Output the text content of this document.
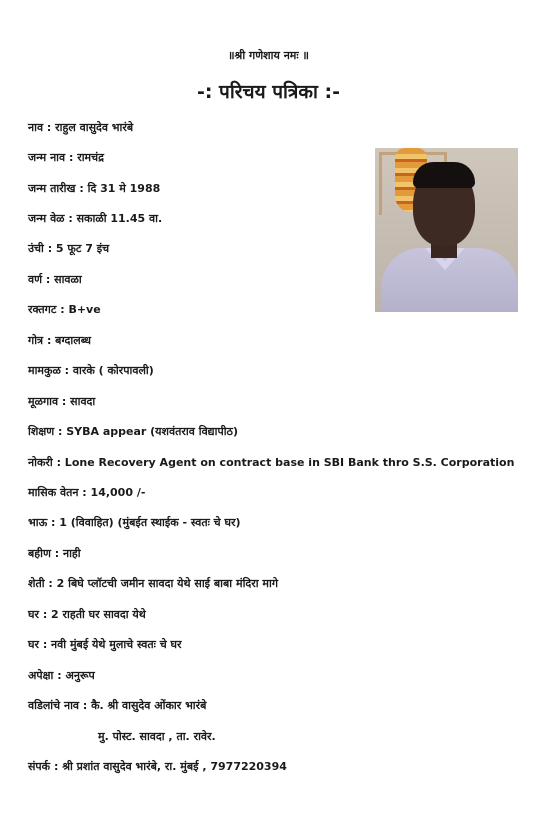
॥श्री गणेशाय नमः ॥
-: परिचय पत्रिका :-
नाव : राहुल वासुदेव भारंबे
जन्म नाव : रामचंद्र
जन्म तारीख : दि 31 मे 1988
जन्म वेळ : सकाळी 11.45 वा.
उंची : 5 फूट 7 इंच
वर्ण : सावळा
रक्तगट : B+ve
गोत्र : बग्दालब्ध
मामकुळ : वारके ( कोरपावली)
मूळगाव : सावदा
शिक्षण : SYBA appear (यशवंतराव विद्यापीठ)
नोकरी : Lone Recovery Agent on contract base in SBI Bank thro S.S. Corporation
मासिक वेतन : 14,000 /-
भाऊ : 1 (विवाहित) (मुंबईत स्थाईक - स्वतः चे घर)
बहीण : नाही
शेती : 2 बिघे प्लॉटची जमीन सावदा येथे साई बाबा मंदिरा मागे
घर : 2 राहती घर सावदा येथे
घर : नवी मुंबई येथे मुलाचे स्वतः चे घर
अपेक्षा : अनुरूप
वडिलांचे नाव : कै. श्री वासुदेव ओंकार भारंबे
मु. पोस्ट. सावदा , ता. रावेर.
संपर्क : श्री प्रशांत वासुदेव भारंबे, रा. मुंबई , 7977220394
